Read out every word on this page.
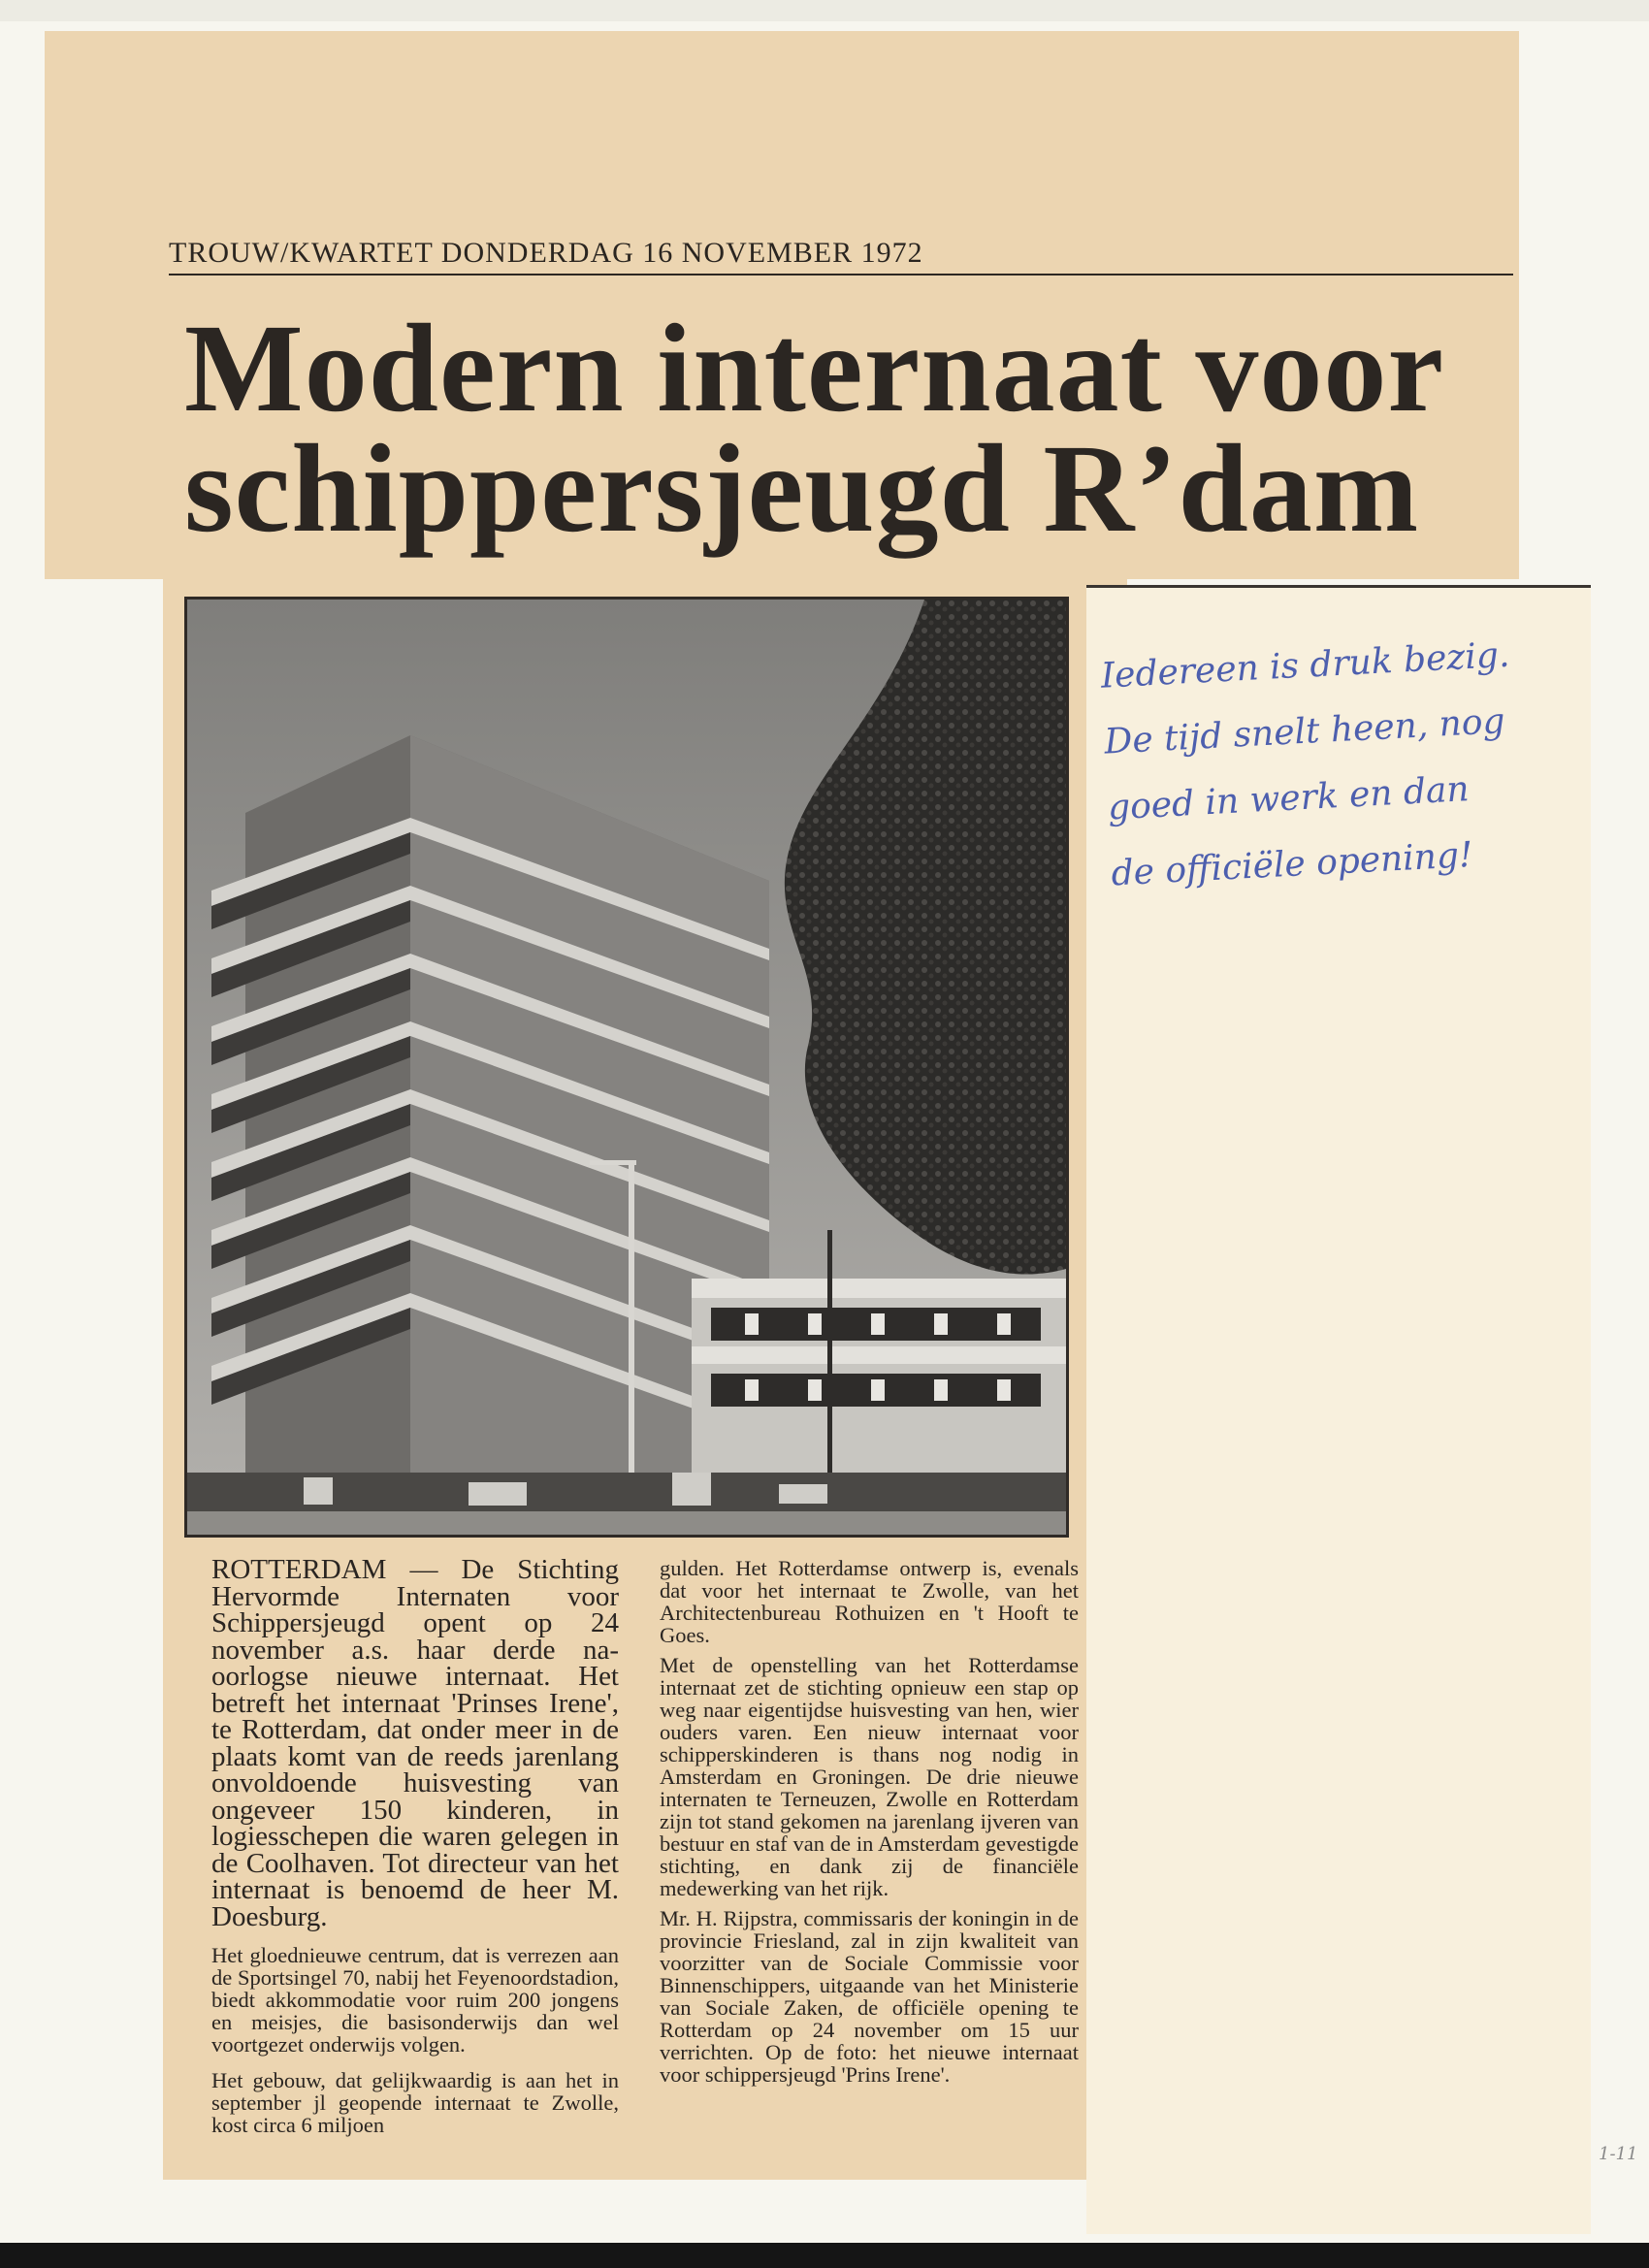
TROUW/KWARTET DONDERDAG 16 NOVEMBER 1972
Modern internaat voor
schippersjeugd R’dam

ROTTERDAM — De Stichting Hervormde Internaten voor Schippersjeugd opent op 24 november a.s. haar derde na-oorlogse nieuwe internaat. Het betreft het internaat 'Prinses Irene', te Rotterdam, dat onder meer in de plaats komt van de reeds jarenlang onvoldoende huisvesting van ongeveer 150 kinderen, in logiesschepen die waren gelegen in de Coolhaven. Tot directeur van het internaat is benoemd de heer M. Doesburg.

Het gloednieuwe centrum, dat is verrezen aan de Sportsingel 70, nabij het Feyenoordstadion, biedt akkommodatie voor ruim 200 jongens en meisjes, die basisonderwijs dan wel voortgezet onderwijs volgen.

Het gebouw, dat gelijkwaardig is aan het in september jl geopende internaat te Zwolle, kost circa 6 miljoen

gulden. Het Rotterdamse ontwerp is, evenals dat voor het internaat te Zwolle, van het Architectenbureau Rothuizen en 't Hooft te Goes.

Met de openstelling van het Rotterdamse internaat zet de stichting opnieuw een stap op weg naar eigentijdse huisvesting van hen, wier ouders varen. Een nieuw internaat voor schipperskinderen is thans nog nodig in Amsterdam en Groningen. De drie nieuwe internaten te Terneuzen, Zwolle en Rotterdam zijn tot stand gekomen na jarenlang ijveren van bestuur en staf van de in Amsterdam gevestigde stichting, en dank zij de financiële medewerking van het rijk.

Mr. H. Rijpstra, commissaris der koningin in de provincie Friesland, zal in zijn kwaliteit van voorzitter van de Sociale Commissie voor Binnenschippers, uitgaande van het Ministerie van Sociale Zaken, de officiële opening te Rotterdam op 24 november om 15 uur verrichten. Op de foto: het nieuwe internaat voor schippersjeugd 'Prins Irene'.

Iedereen is druk bezig.
De tijd snelt heen, nog
goed in werk en dan
de officiële opening!
1-11
